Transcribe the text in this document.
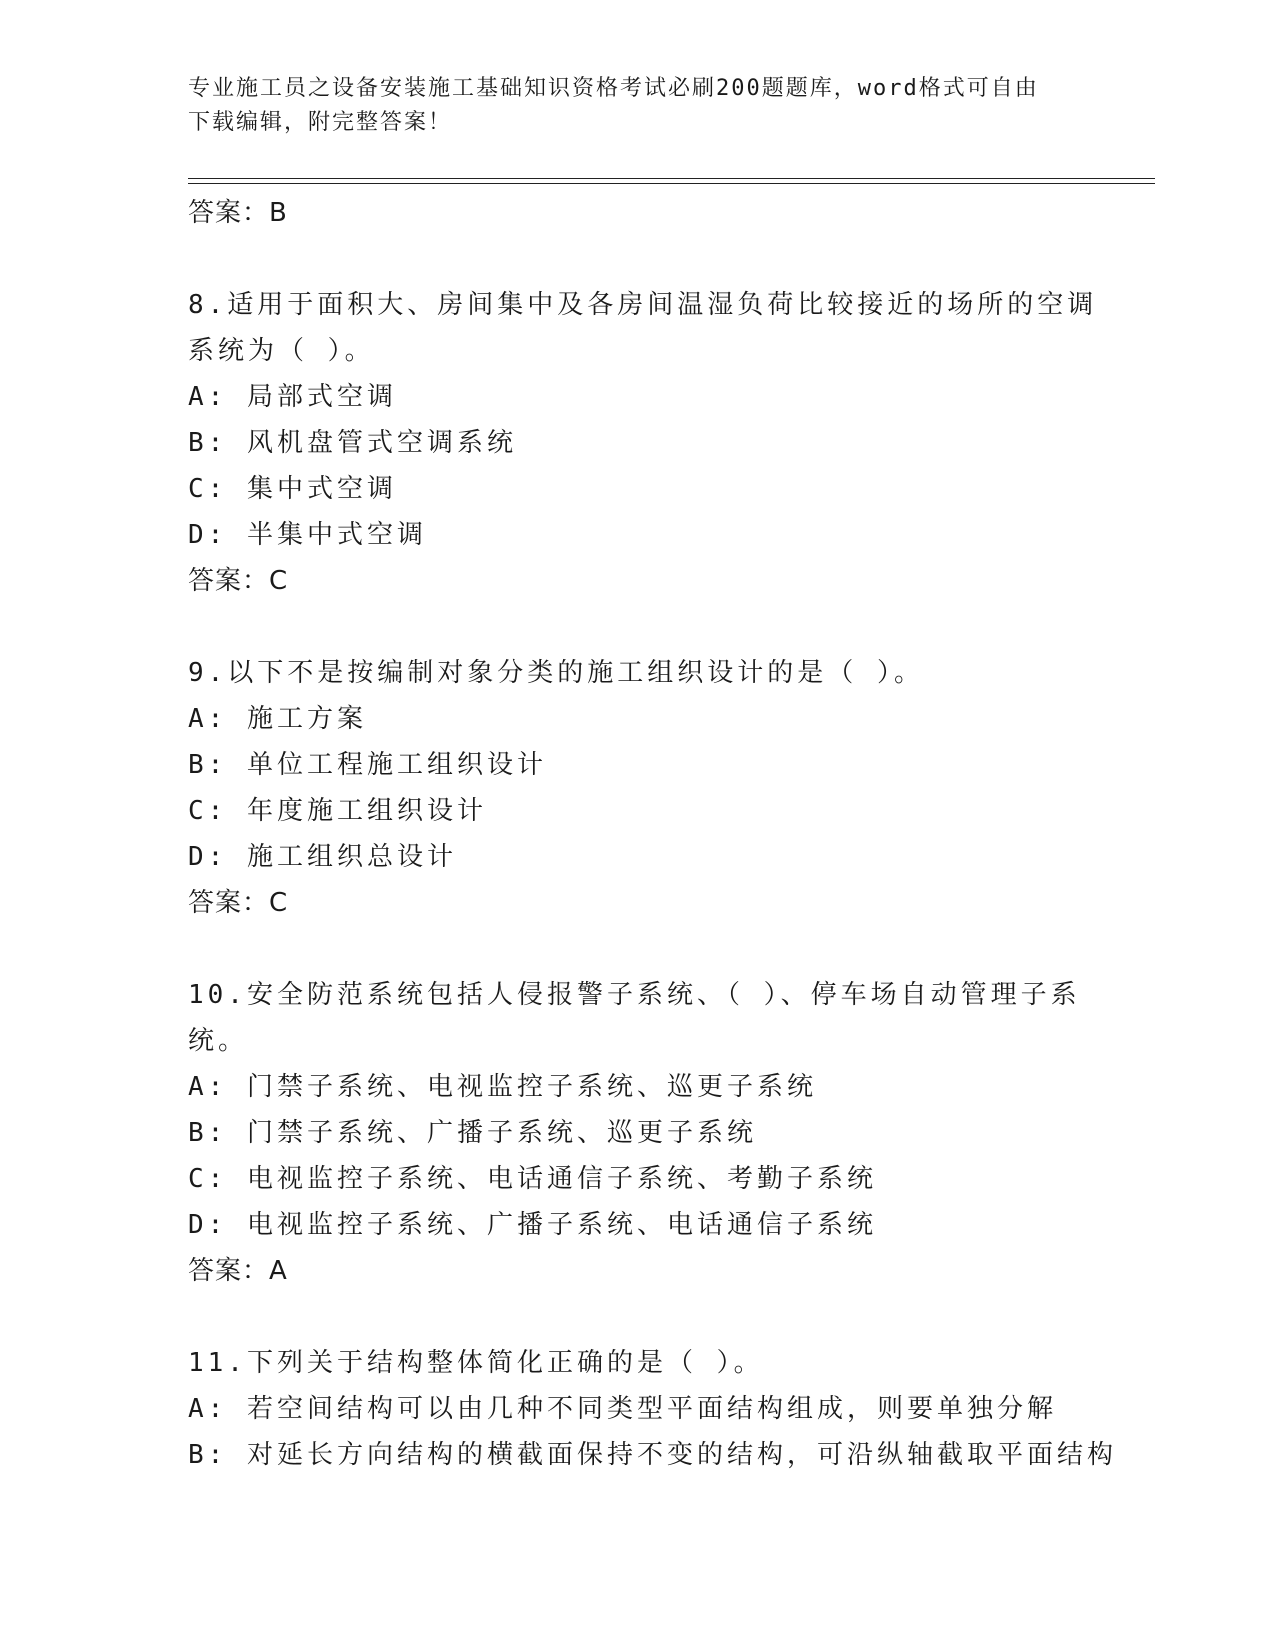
专业施工员之设备安装施工基础知识资格考试必刷200题题库，word格式可自由
下载编辑，附完整答案！
答案：B
8.适用于面积大、房间集中及各房间温湿负荷比较接近的场所的空调
系统为（ ）。
A: 局部式空调
B: 风机盘管式空调系统
C: 集中式空调
D: 半集中式空调
答案：C
9.以下不是按编制对象分类的施工组织设计的是（ ）。
A: 施工方案
B: 单位工程施工组织设计
C: 年度施工组织设计
D: 施工组织总设计
答案：C
10.安全防范系统包括人侵报警子系统、（ ）、停车场自动管理子系
统。
A: 门禁子系统、电视监控子系统、巡更子系统
B: 门禁子系统、广播子系统、巡更子系统
C: 电视监控子系统、电话通信子系统、考勤子系统
D: 电视监控子系统、广播子系统、电话通信子系统
答案：A
11.下列关于结构整体简化正确的是（ ）。
A: 若空间结构可以由几种不同类型平面结构组成，则要单独分解
B: 对延长方向结构的横截面保持不变的结构，可沿纵轴截取平面结构
